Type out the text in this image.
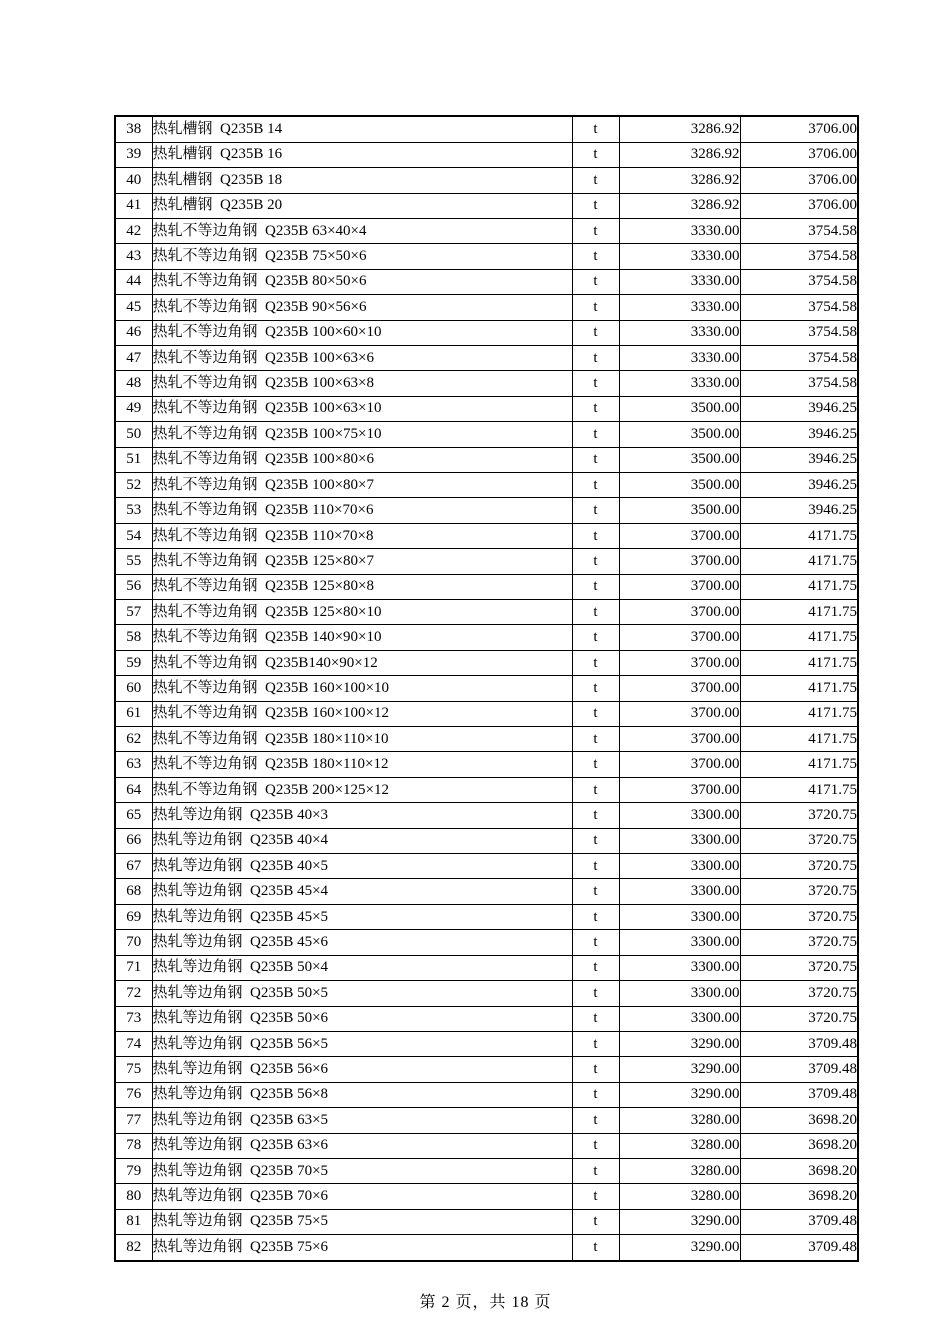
38	热轧槽钢  Q235B 14	t	3286.92	3706.00
39	热轧槽钢  Q235B 16	t	3286.92	3706.00
40	热轧槽钢  Q235B 18	t	3286.92	3706.00
41	热轧槽钢  Q235B 20	t	3286.92	3706.00
42	热轧不等边角钢  Q235B 63×40×4	t	3330.00	3754.58
43	热轧不等边角钢  Q235B 75×50×6	t	3330.00	3754.58
44	热轧不等边角钢  Q235B 80×50×6	t	3330.00	3754.58
45	热轧不等边角钢  Q235B 90×56×6	t	3330.00	3754.58
46	热轧不等边角钢  Q235B 100×60×10	t	3330.00	3754.58
47	热轧不等边角钢  Q235B 100×63×6	t	3330.00	3754.58
48	热轧不等边角钢  Q235B 100×63×8	t	3330.00	3754.58
49	热轧不等边角钢  Q235B 100×63×10	t	3500.00	3946.25
50	热轧不等边角钢  Q235B 100×75×10	t	3500.00	3946.25
51	热轧不等边角钢  Q235B 100×80×6	t	3500.00	3946.25
52	热轧不等边角钢  Q235B 100×80×7	t	3500.00	3946.25
53	热轧不等边角钢  Q235B 110×70×6	t	3500.00	3946.25
54	热轧不等边角钢  Q235B 110×70×8	t	3700.00	4171.75
55	热轧不等边角钢  Q235B 125×80×7	t	3700.00	4171.75
56	热轧不等边角钢  Q235B 125×80×8	t	3700.00	4171.75
57	热轧不等边角钢  Q235B 125×80×10	t	3700.00	4171.75
58	热轧不等边角钢  Q235B 140×90×10	t	3700.00	4171.75
59	热轧不等边角钢  Q235B140×90×12	t	3700.00	4171.75
60	热轧不等边角钢  Q235B 160×100×10	t	3700.00	4171.75
61	热轧不等边角钢  Q235B 160×100×12	t	3700.00	4171.75
62	热轧不等边角钢  Q235B 180×110×10	t	3700.00	4171.75
63	热轧不等边角钢  Q235B 180×110×12	t	3700.00	4171.75
64	热轧不等边角钢  Q235B 200×125×12	t	3700.00	4171.75
65	热轧等边角钢  Q235B 40×3	t	3300.00	3720.75
66	热轧等边角钢  Q235B 40×4	t	3300.00	3720.75
67	热轧等边角钢  Q235B 40×5	t	3300.00	3720.75
68	热轧等边角钢  Q235B 45×4	t	3300.00	3720.75
69	热轧等边角钢  Q235B 45×5	t	3300.00	3720.75
70	热轧等边角钢  Q235B 45×6	t	3300.00	3720.75
71	热轧等边角钢  Q235B 50×4	t	3300.00	3720.75
72	热轧等边角钢  Q235B 50×5	t	3300.00	3720.75
73	热轧等边角钢  Q235B 50×6	t	3300.00	3720.75
74	热轧等边角钢  Q235B 56×5	t	3290.00	3709.48
75	热轧等边角钢  Q235B 56×6	t	3290.00	3709.48
76	热轧等边角钢  Q235B 56×8	t	3290.00	3709.48
77	热轧等边角钢  Q235B 63×5	t	3280.00	3698.20
78	热轧等边角钢  Q235B 63×6	t	3280.00	3698.20
79	热轧等边角钢  Q235B 70×5	t	3280.00	3698.20
80	热轧等边角钢  Q235B 70×6	t	3280.00	3698.20
81	热轧等边角钢  Q235B 75×5	t	3290.00	3709.48
82	热轧等边角钢  Q235B 75×6	t	3290.00	3709.48
第 2 页，共 18 页
